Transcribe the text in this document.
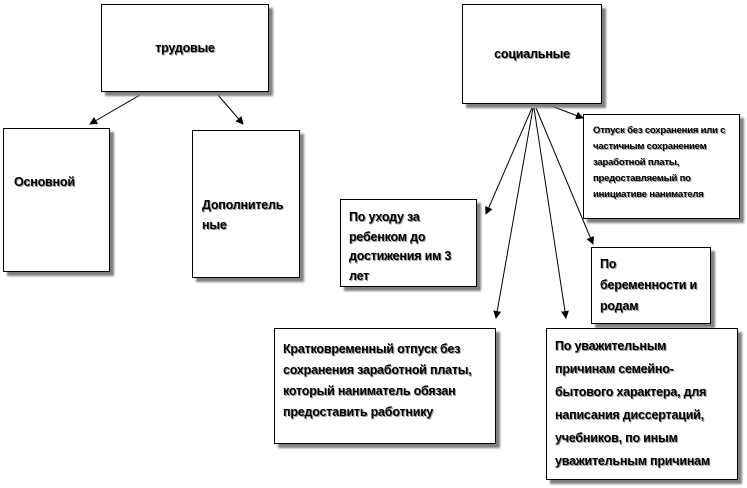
трудовые	социальные
Основной

Дополнитель
ные

По уходу за ребенком до достижения им 3 лет
Кратковременный отпуск без сохранения заработной платы, который наниматель обязан предоставить работнику
Отпуск без сохранения или с частичным сохранением заработной платы, предоставляемый по инициативе нанимателя
По беременности и родам
По уважительным причинам семейно-бытового характера, для написания диссертаций, учебников, по иным уважительным причинам
